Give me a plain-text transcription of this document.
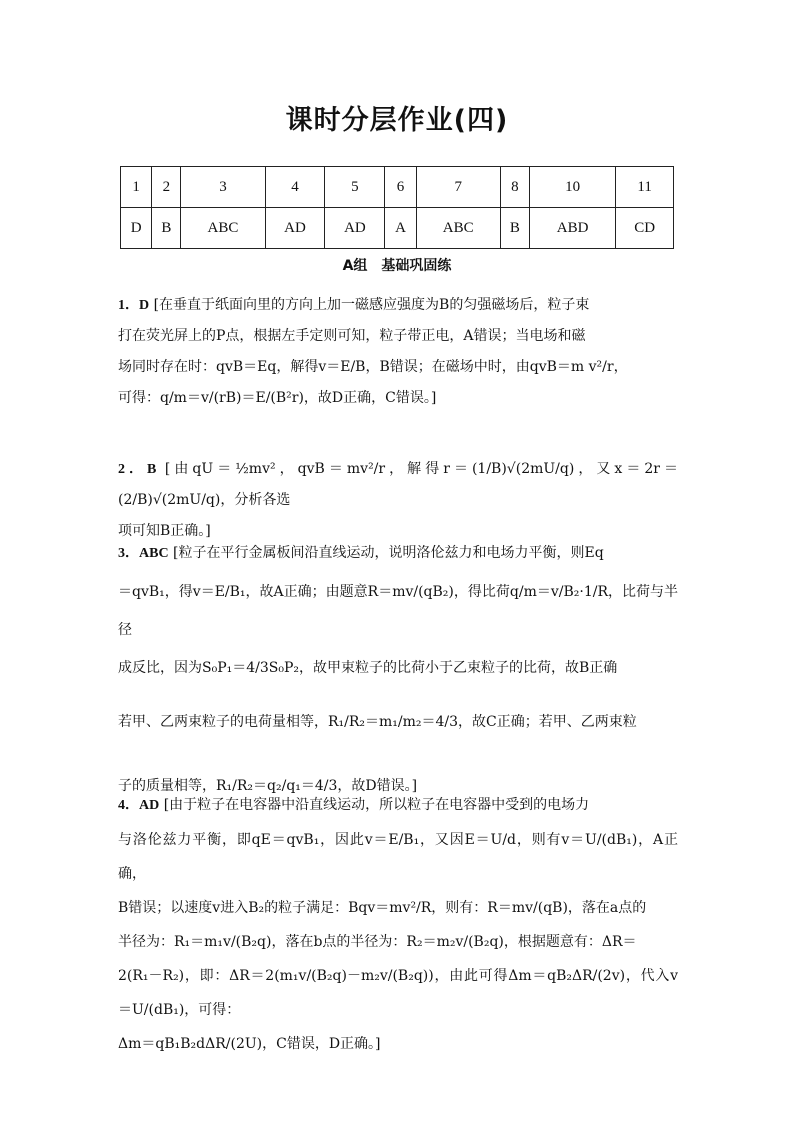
课时分层作业(四)
1	2	3	4	5	6	7	8	10	11
D	B	ABC	AD	AD	A	ABC	B	ABD	CD
A组　基础巩固练

1．D [在垂直于纸面向里的方向上加一磁感应强度为B的匀强磁场后，粒子束

打在荧光屏上的P点，根据左手定则可知，粒子带正电，A错误；当电场和磁

场同时存在时：qvB＝Eq，解得v＝E/B，B错误；在磁场中时，由qvB＝m v²/r，

可得：q/m＝v/(rB)＝E/(B²r)，故D正确，C错误。]

2．B [由qU＝½mv²，qvB＝mv²/r，解得r＝(1/B)√(2mU/q)，又x＝2r＝(2/B)√(2mU/q)，分析各选

项可知B正确。]

3．ABC [粒子在平行金属板间沿直线运动，说明洛伦兹力和电场力平衡，则Eq

＝qvB₁，得v＝E/B₁，故A正确；由题意R＝mv/(qB₂)，得比荷q/m＝v/B₂·1/R，比荷与半径

成反比，因为S₀P₁＝4/3S₀P₂，故甲束粒子的比荷小于乙束粒子的比荷，故B正确

若甲、乙两束粒子的电荷量相等，R₁/R₂＝m₁/m₂＝4/3，故C正确；若甲、乙两束粒

子的质量相等，R₁/R₂＝q₂/q₁＝4/3，故D错误。]

4．AD [由于粒子在电容器中沿直线运动，所以粒子在电容器中受到的电场力

与洛伦兹力平衡，即qE＝qvB₁，因此v＝E/B₁，又因E＝U/d，则有v＝U/(dB₁)，A正确，

B错误；以速度v进入B₂的粒子满足：Bqv＝mv²/R，则有：R＝mv/(qB)，落在a点的

半径为：R₁＝m₁v/(B₂q)，落在b点的半径为：R₂＝m₂v/(B₂q)，根据题意有：ΔR＝

2(R₁－R₂)，即：ΔR＝2(m₁v/(B₂q)－m₂v/(B₂q))，由此可得Δm＝qB₂ΔR/(2v)，代入v＝U/(dB₁)，可得：

Δm＝qB₁B₂dΔR/(2U)，C错误，D正确。]
